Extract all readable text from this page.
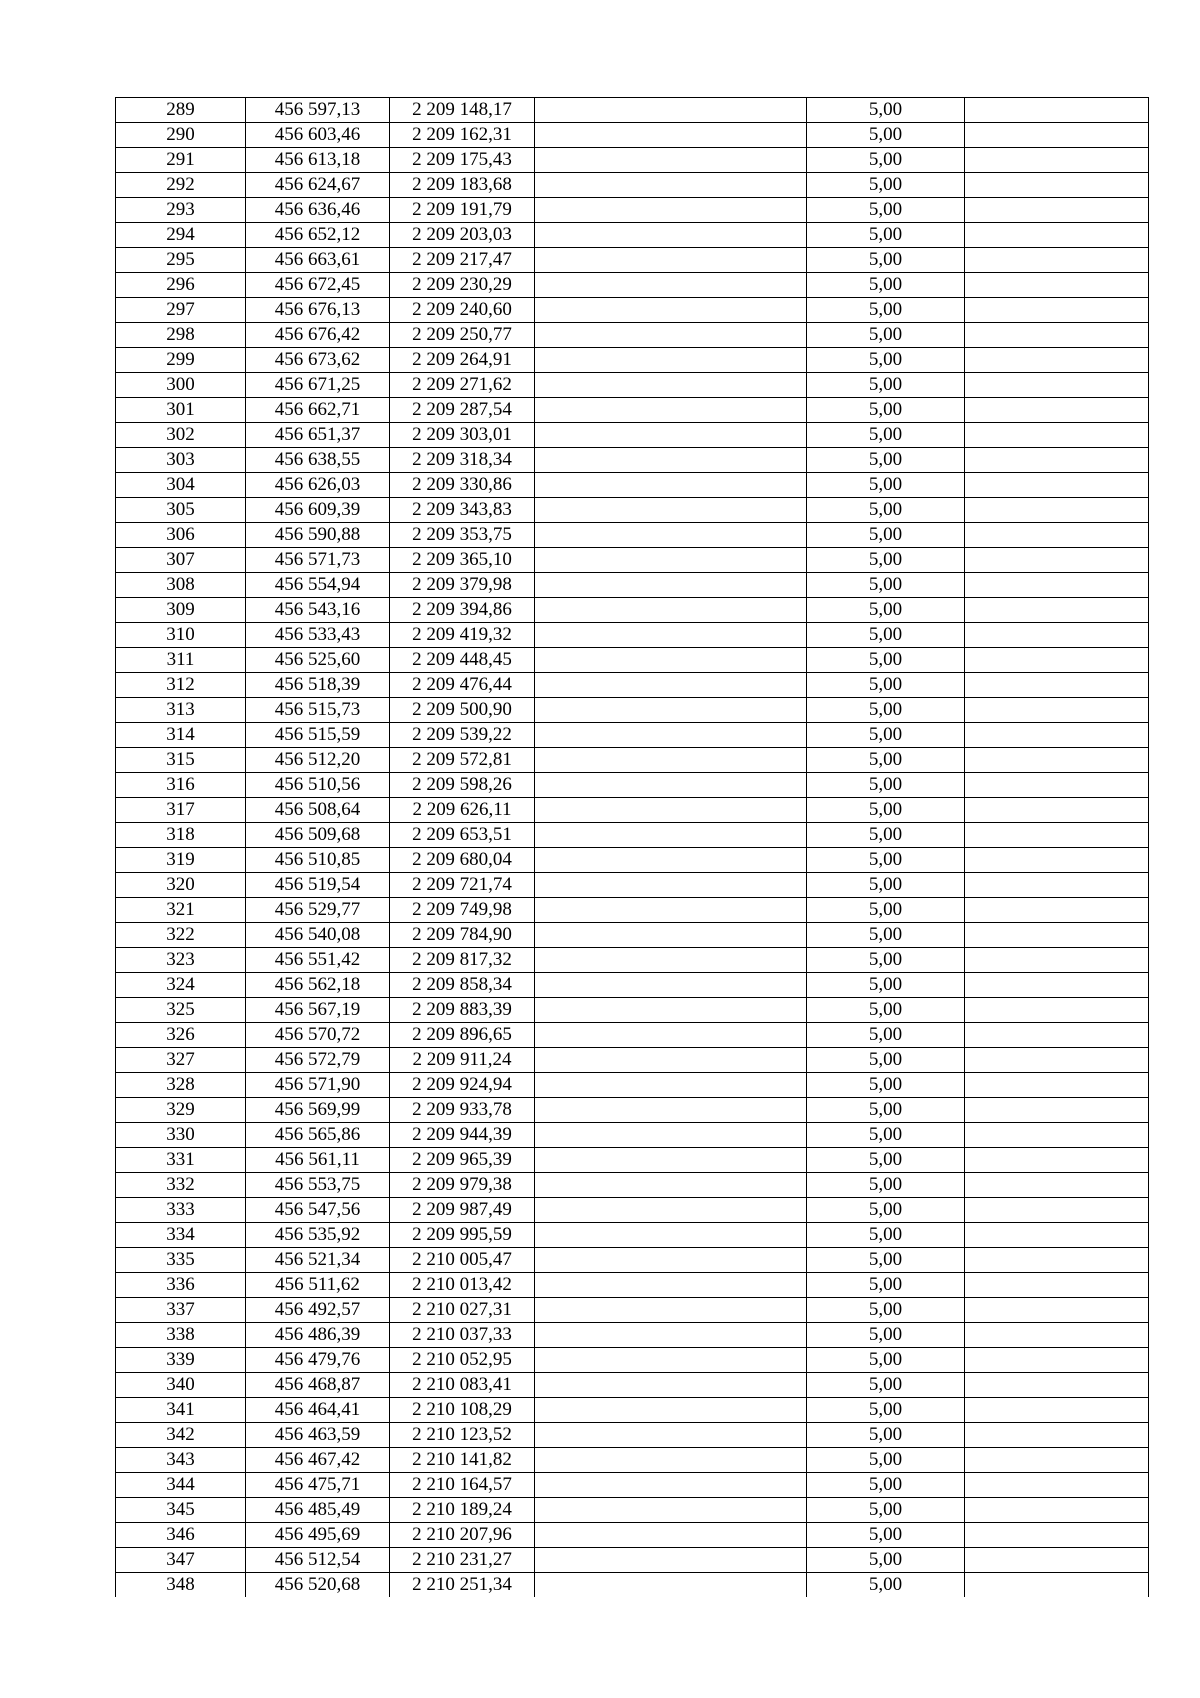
289	456 597,13	2 209 148,17		5,00	
290	456 603,46	2 209 162,31		5,00	
291	456 613,18	2 209 175,43		5,00	
292	456 624,67	2 209 183,68		5,00	
293	456 636,46	2 209 191,79		5,00	
294	456 652,12	2 209 203,03		5,00	
295	456 663,61	2 209 217,47		5,00	
296	456 672,45	2 209 230,29		5,00	
297	456 676,13	2 209 240,60		5,00	
298	456 676,42	2 209 250,77		5,00	
299	456 673,62	2 209 264,91		5,00	
300	456 671,25	2 209 271,62		5,00	
301	456 662,71	2 209 287,54		5,00	
302	456 651,37	2 209 303,01		5,00	
303	456 638,55	2 209 318,34		5,00	
304	456 626,03	2 209 330,86		5,00	
305	456 609,39	2 209 343,83		5,00	
306	456 590,88	2 209 353,75		5,00	
307	456 571,73	2 209 365,10		5,00	
308	456 554,94	2 209 379,98		5,00	
309	456 543,16	2 209 394,86		5,00	
310	456 533,43	2 209 419,32		5,00	
311	456 525,60	2 209 448,45		5,00	
312	456 518,39	2 209 476,44		5,00	
313	456 515,73	2 209 500,90		5,00	
314	456 515,59	2 209 539,22		5,00	
315	456 512,20	2 209 572,81		5,00	
316	456 510,56	2 209 598,26		5,00	
317	456 508,64	2 209 626,11		5,00	
318	456 509,68	2 209 653,51		5,00	
319	456 510,85	2 209 680,04		5,00	
320	456 519,54	2 209 721,74		5,00	
321	456 529,77	2 209 749,98		5,00	
322	456 540,08	2 209 784,90		5,00	
323	456 551,42	2 209 817,32		5,00	
324	456 562,18	2 209 858,34		5,00	
325	456 567,19	2 209 883,39		5,00	
326	456 570,72	2 209 896,65		5,00	
327	456 572,79	2 209 911,24		5,00	
328	456 571,90	2 209 924,94		5,00	
329	456 569,99	2 209 933,78		5,00	
330	456 565,86	2 209 944,39		5,00	
331	456 561,11	2 209 965,39		5,00	
332	456 553,75	2 209 979,38		5,00	
333	456 547,56	2 209 987,49		5,00	
334	456 535,92	2 209 995,59		5,00	
335	456 521,34	2 210 005,47		5,00	
336	456 511,62	2 210 013,42		5,00	
337	456 492,57	2 210 027,31		5,00	
338	456 486,39	2 210 037,33		5,00	
339	456 479,76	2 210 052,95		5,00	
340	456 468,87	2 210 083,41		5,00	
341	456 464,41	2 210 108,29		5,00	
342	456 463,59	2 210 123,52		5,00	
343	456 467,42	2 210 141,82		5,00	
344	456 475,71	2 210 164,57		5,00	
345	456 485,49	2 210 189,24		5,00	
346	456 495,69	2 210 207,96		5,00	
347	456 512,54	2 210 231,27		5,00	
348	456 520,68	2 210 251,34		5,00	
